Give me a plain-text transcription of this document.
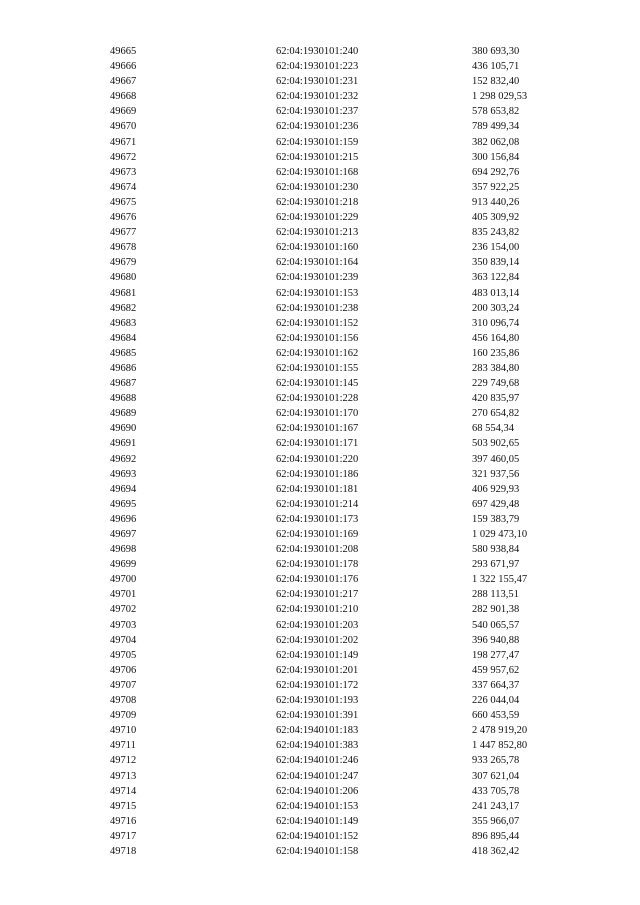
49665	62:04:1930101:240	380 693,30
49666	62:04:1930101:223	436 105,71
49667	62:04:1930101:231	152 832,40
49668	62:04:1930101:232	1 298 029,53
49669	62:04:1930101:237	578 653,82
49670	62:04:1930101:236	789 499,34
49671	62:04:1930101:159	382 062,08
49672	62:04:1930101:215	300 156,84
49673	62:04:1930101:168	694 292,76
49674	62:04:1930101:230	357 922,25
49675	62:04:1930101:218	913 440,26
49676	62:04:1930101:229	405 309,92
49677	62:04:1930101:213	835 243,82
49678	62:04:1930101:160	236 154,00
49679	62:04:1930101:164	350 839,14
49680	62:04:1930101:239	363 122,84
49681	62:04:1930101:153	483 013,14
49682	62:04:1930101:238	200 303,24
49683	62:04:1930101:152	310 096,74
49684	62:04:1930101:156	456 164,80
49685	62:04:1930101:162	160 235,86
49686	62:04:1930101:155	283 384,80
49687	62:04:1930101:145	229 749,68
49688	62:04:1930101:228	420 835,97
49689	62:04:1930101:170	270 654,82
49690	62:04:1930101:167	68 554,34
49691	62:04:1930101:171	503 902,65
49692	62:04:1930101:220	397 460,05
49693	62:04:1930101:186	321 937,56
49694	62:04:1930101:181	406 929,93
49695	62:04:1930101:214	697 429,48
49696	62:04:1930101:173	159 383,79
49697	62:04:1930101:169	1 029 473,10
49698	62:04:1930101:208	580 938,84
49699	62:04:1930101:178	293 671,97
49700	62:04:1930101:176	1 322 155,47
49701	62:04:1930101:217	288 113,51
49702	62:04:1930101:210	282 901,38
49703	62:04:1930101:203	540 065,57
49704	62:04:1930101:202	396 940,88
49705	62:04:1930101:149	198 277,47
49706	62:04:1930101:201	459 957,62
49707	62:04:1930101:172	337 664,37
49708	62:04:1930101:193	226 044,04
49709	62:04:1930101:391	660 453,59
49710	62:04:1940101:183	2 478 919,20
49711	62:04:1940101:383	1 447 852,80
49712	62:04:1940101:246	933 265,78
49713	62:04:1940101:247	307 621,04
49714	62:04:1940101:206	433 705,78
49715	62:04:1940101:153	241 243,17
49716	62:04:1940101:149	355 966,07
49717	62:04:1940101:152	896 895,44
49718	62:04:1940101:158	418 362,42
